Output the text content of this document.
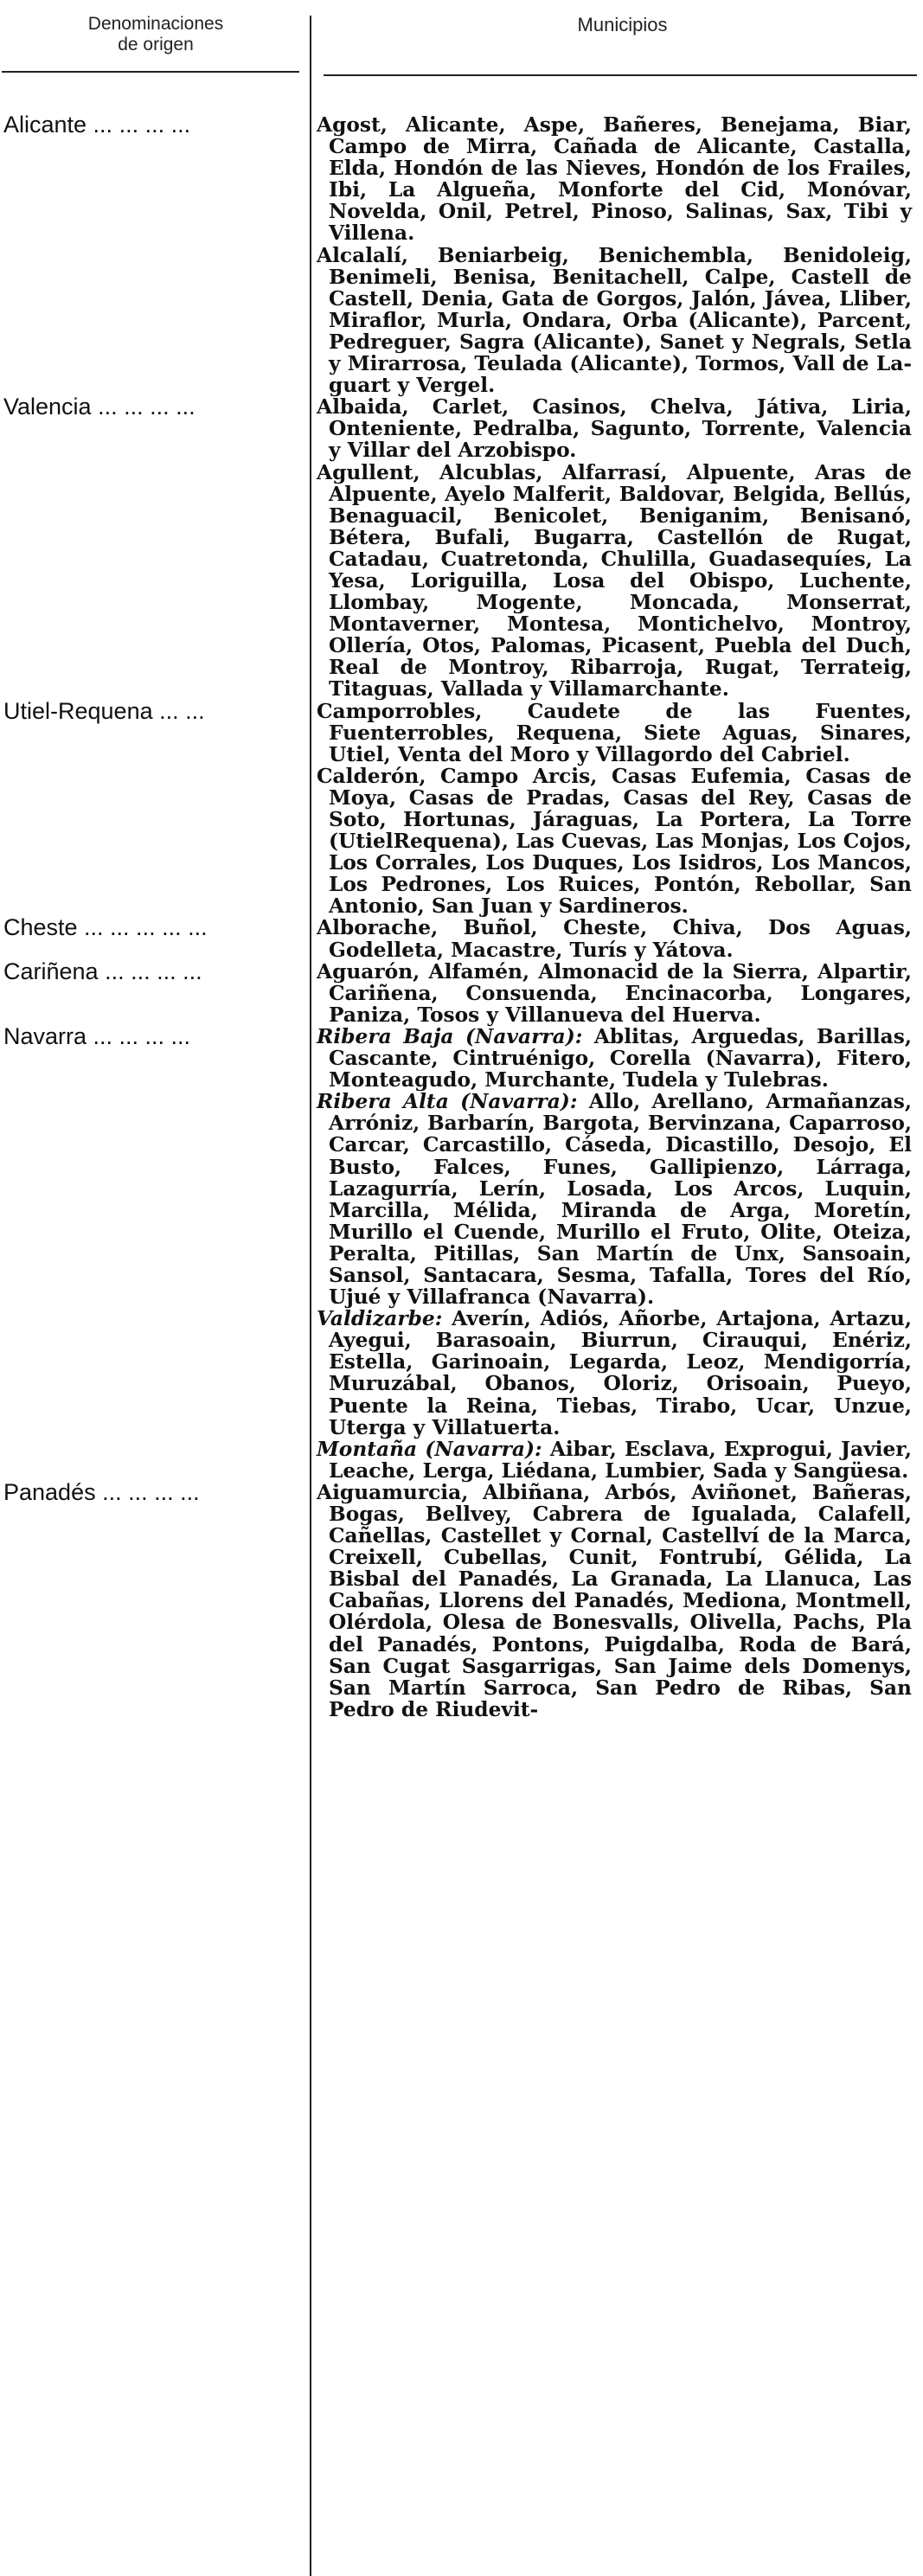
Denominaciones
de origen
Municipios
Alicante ... ... ... ...	Agost, Alicante, Aspe, Bañeres, Benejama, Biar, Campo de Mirra, Cañada de Alicante, Castalla, Elda, Hondón de las Nieves, Hondón de los Frailes, Ibi, La Algueña, Monforte del Cid, Monóvar, Novelda, Onil, Petrel, Pinoso, Salinas, Sax, Tibi y Villena.
Alcalalí, Beniarbeig, Benichembla, Benidoleig, Benimeli, Benisa, Benitachell, Calpe, Castell de Castell, Denia, Gata de Gorgos, Jalón, Jávea, Lliber, Miraflor, Murla, Ondara, Orba (Alicante), Parcent, Pedreguer, Sagra (Alicante), Sanet y Negrals, Setla y Mirarrosa, Teulada (Alicante), Tormos, Vall de Laguart y Vergel.
Valencia ... ... ... ...	Albaida, Carlet, Casinos, Chelva, Játiva, Liria, Onteniente, Pedralba, Sagunto, Torrente, Valencia y Villar del Arzobispo.
Agullent, Alcublas, Alfarrasí, Alpuente, Aras de Alpuente, Ayelo Malferit, Baldovar, Belgida, Bellús, Benaguacil, Benicolet, Beniganim, Benisanó, Bétera, Bufali, Bugarra, Castellón de Rugat, Catadau, Cuatretonda, Chulilla, Guadasequíes, La Yesa, Loriguilla, Losa del Obispo, Luchente, Llombay, Mogente, Moncada, Monserrat, Montaverner, Montesa, Montichelvo, Montroy, Ollería, Otos, Palomas, Picasent, Puebla del Duch, Real de Montroy, Ribarroja, Rugat, Terrateig, Titaguas, Vallada y Villamarchante.
Utiel-Requena ... ...	Camporrobles, Caudete de las Fuentes, Fuenterrobles, Requena, Siete Aguas, Sinares, Utiel, Venta del Moro y Villagordo del Cabriel.
Calderón, Campo Arcis, Casas Eufemia, Casas de Moya, Casas de Pradas, Casas del Rey, Casas de Soto, Hortunas, Járaguas, La Portera, La Torre (UtielRequena), Las Cuevas, Las Monjas, Los Cojos, Los Corrales, Los Duques, Los Isidros, Los Mancos, Los Pedrones, Los Ruices, Pontón, Rebollar, San Antonio, San Juan y Sardineros.
Cheste ... ... ... ... ...	Alborache, Buñol, Cheste, Chiva, Dos Aguas, Godelleta, Macastre, Turís y Yátova.
Cariñena ... ... ... ...	Aguarón, Alfamén, Almonacid de la Sierra, Alpartir, Cariñena, Consuenda, Encinacorba, Longares, Paniza, Tosos y Villanueva del Huerva.
Navarra ... ... ... ...	Ribera Baja (Navarra): Ablitas, Arguedas, Barillas, Cascante, Cintruénigo, Corella (Navarra), Fitero, Monteagudo, Murchante, Tudela y Tulebras.
Ribera Alta (Navarra): Allo, Arellano, Armañanzas, Arróniz, Barbarín, Bargota, Bervinzana, Caparroso, Carcar, Carcastillo, Cáseda, Dicastillo, Desojo, El Busto, Falces, Funes, Gallipienzo, Lárraga, Lazagurría, Lerín, Losada, Los Arcos, Luquin, Marcilla, Mélida, Miranda de Arga, Moretín, Murillo el Cuende, Murillo el Fruto, Olite, Oteiza, Peralta, Pitillas, San Martín de Unx, Sansoain, Sansol, Santacara, Sesma, Tafalla, Tores del Río, Ujué y Villafranca (Navarra).
Valdizarbe: Averín, Adiós, Añorbe, Artajona, Artazu, Ayegui, Barasoain, Biurrun, Cirauqui, Enériz, Estella, Garinoain, Legarda, Leoz, Mendigorría, Muruzábal, Obanos, Oloriz, Orisoain, Pueyo, Puente la Reina, Tiebas, Tirabo, Ucar, Unzue, Uterga y Villatuerta.
Montaña (Navarra): Aibar, Esclava, Exprogui, Javier, Leache, Lerga, Liédana, Lumbier, Sada y Sangüesa.
Panadés ... ... ... ...	Aiguamurcia, Albiñana, Arbós, Aviñonet, Bañeras, Bogas, Bellvey, Cabrera de Igualada, Calafell, Cañellas, Castellet y Cornal, Castellví de la Marca, Creixell, Cubellas, Cunit, Fontrubí, Gélida, La Bisbal del Panadés, La Granada, La Llanuca, Las Cabañas, Llorens del Panadés, Mediona, Montmell, Olérdola, Olesa de Bonesvalls, Olivella, Pachs, Pla del Panadés, Pontons, Puigdalba, Roda de Bará, San Cugat Sasgarrigas, San Jaime dels Domenys, San Martín Sarroca, San Pedro de Ribas, San Pedro de Riudevit-
